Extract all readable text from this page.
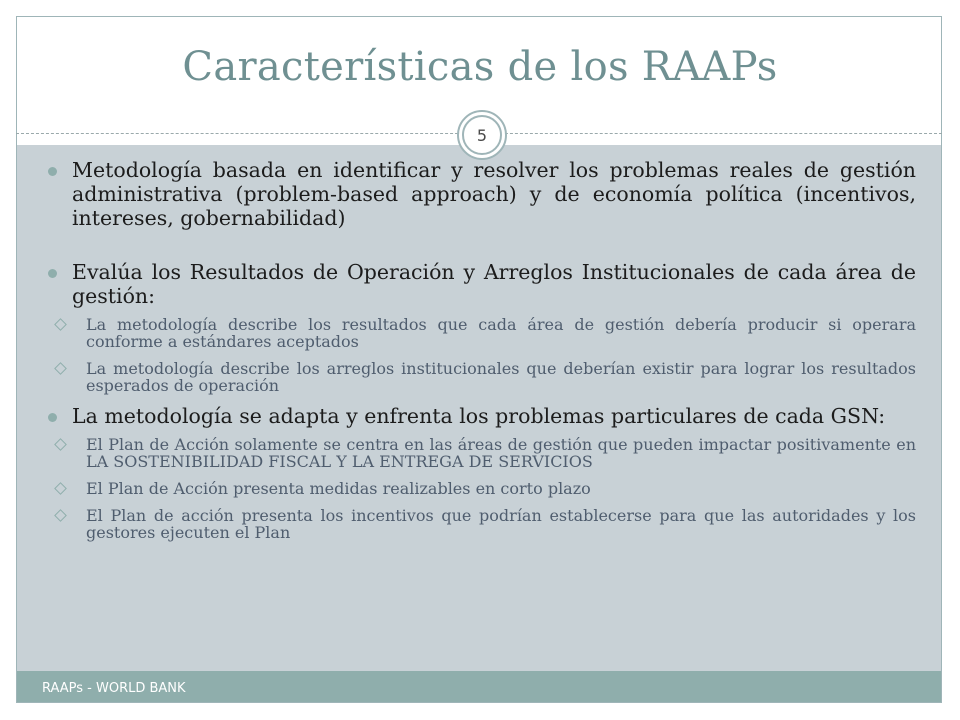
Características de los RAAPs
RAAPs - WORLD BANK
5
Metodología basada en identificar y resolver los problemas reales de gestión administrativa (problem-based approach) y de economía política (incentivos, intereses, gobernabilidad)
Evalúa los Resultados de Operación y Arreglos Institucionales de cada área de gestión:
La metodología describe los resultados que cada área de gestión debería producir si operara conforme a estándares aceptados
La metodología describe los arreglos institucionales que deberían existir para lograr los resultados esperados de operación
La metodología se adapta y enfrenta los problemas particulares de cada GSN:
El Plan de Acción solamente se centra en las áreas de gestión que pueden impactar positivamente en LA SOSTENIBILIDAD FISCAL Y LA ENTREGA DE SERVICIOS
El Plan de Acción presenta medidas realizables en corto plazo
El Plan de acción presenta los incentivos que podrían establecerse para que las autoridades y los gestores ejecuten el Plan
